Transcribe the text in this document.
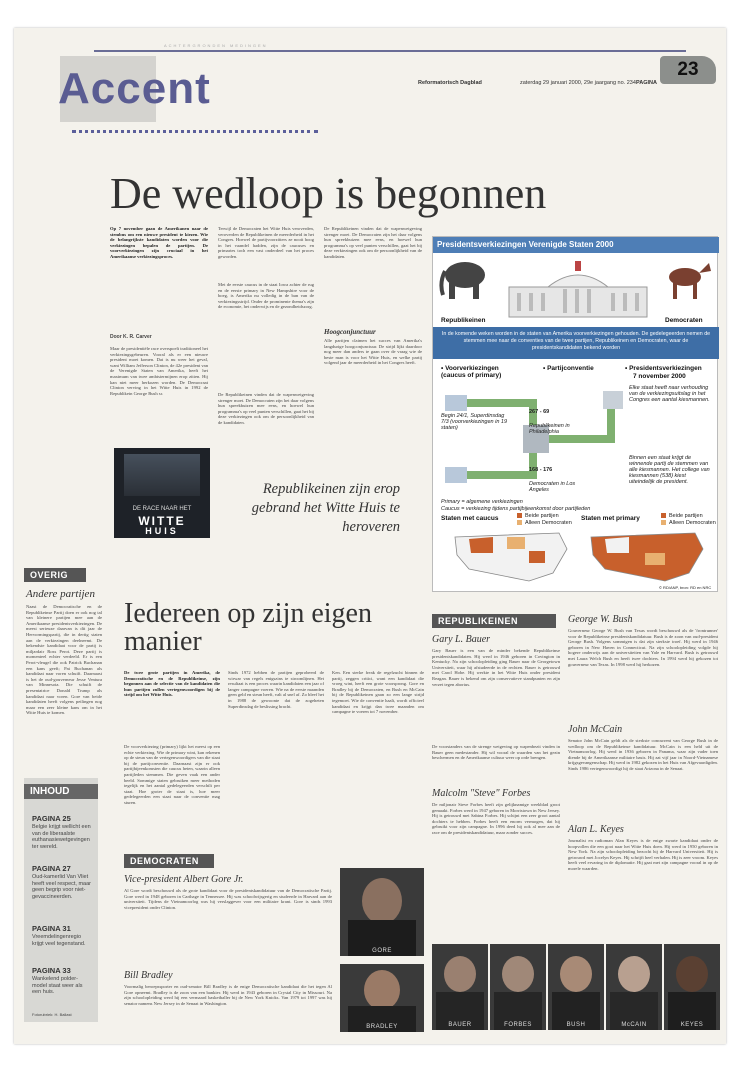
ACHTERGRONDEN MEDINGEN
Accent	Reformatorisch Dagblad	zaterdag 29 januari 2000, 29e jaargang no. 234 PAGINA
23
De wedloop is begonnen
Op 7 november gaan de Amerikanen naar de stembus om een nieuwe president te kiezen. Wie de belangrijkste kandidaten worden voor die verkiezingen bepalen de partijen. De voorverkiezingen zijn cruciaal in het Amerikaanse verkiezingsproces.
Door K. R. Carver
Maar de presidentiële race overspoelt traditioneel het verkiezingsgebeuren. Vooral als er een nieuwe president moet komen. Dat is nu weer het geval, want William Jefferson Clinton, de 42e president van de Verenigde Staten van Amerika, heeft het maximum van twee ambtstermijnen erop zitten. Hij kan niet meer herkozen worden. De Democraat Clinton verving in het Witte Huis in 1992 de Republikein George Bush sr.
Terwijl de Democraten het Witte Huis veroverden, veroverden de Republikeinen de meerderheid in het Congres. Hoewel de partijvoorzitters ze nooit hoog in het vaandel hadden, zijn de caucuses en primaries toch een vast onderdeel van het proces geworden.
Met de eerste caucus in de staat Iowa achter de rug en de eerste primary in New Hampshire voor de boeg, is Amerika nu volledig in de ban van de verkiezingsstrijd. Onder de prominente thema's zijn de economie, het onderwijs en de gezondheidszorg.
De Republikeinen vinden dat de wapenwetgeving strenger moet. De Democraten zijn het daar volgens hun spreekbuizen mee eens, en hoewel hun programma's op veel punten verschillen, gaat het bij deze verkiezingen ook om de persoonlijkheid van de kandidaten.
De Republikeinen vinden dat de wapenwetgeving strenger moet. De Democraten zijn het daar volgens hun spreekbuizen mee eens, en hoewel hun programma's op veel punten verschillen, gaat het bij deze verkiezingen ook om de persoonlijkheid van de kandidaten.
Hoogconjunctuur
Alle partijen claimen het succes van Amerika's langdurige hoogconjunctuur. De strijd lijkt daardoor nog meer dan anders te gaan over de vraag wie de beste man is voor het Witte Huis, en welke partij volgend jaar de meerderheid in het Congres heeft.
DE RACE NAAR HET
WITTE
HUIS
Republikeinen zijn erop gebrand het Witte Huis te heroveren
Presidentsverkiezingen Verenigde Staten 2000
Republikeinen	Democraten
In de komende weken worden in de staten van Amerika voorverkiezingen gehouden. De gedelegeerden nemen de stemmen mee naar de conventies van de twee partijen, Republikeinen en Democraten, waar de presidentskandidaten bekend worden
• Voorverkiezingen (caucus of primary)
• Partijconventie	• Presidentsverkiezingen
7 november 2000
Elke staat heeft naar verhouding van de verkiezingsuitslag in het Congres een aantal kiesmannen.
Begin 24/1, Superdinsdag 7/3 (voorverkiezingen in 19 staten)
267 - 69
Republikeinen in Philadelphia
168 - 176
Democraten in Los Angeles
Binnen een staat krijgt de winnende partij de stemmen van alle kiesmannen. Het college van kiesmannen (538) kiest uiteindelijk de president.
Primary = algemene verkiezingen
Caucus = verkiezing tijdens partijbijeenkomst door partijleden
Staten met caucus	Staten met primary
Beide partijen
Alleen Democraten
Beide partijen
Alleen Democraten
© RD/ANP, bron: RD en NRC
OVERIG
Andere partijen
Naast de Democratische en de Republikeinse Partij doen er ook nog tal van kleinere partijen mee aan de Amerikaanse presidentsverkiezingen. De meest serieuze daarvan is dit jaar de Hervormingspartij, die in dertig staten aan de verkiezingen deelneemt. De bekendste kandidaat voor de partij is miljardair Ross Perot. Deze partij is momenteel echter verdeeld. Er is een Perot-vleugel die ook Patrick Buchanan een kans geeft; Pat Buchanan als kandidaat naar voren schuift. Daarnaast is het de oud-gouverneur Jesse Ventura van Minnesota. Die schuift de presentatrice Donald Trump als kandidaat naar voren. Gore van beide kandidaten heeft volgens peilingen nog maar een zeer kleine kans om in het Witte Huis te komen.
INHOUD
PAGINA 25
Belgie krijgt wellicht een van de liberaalste euthanasiewetgevingen ter wereld.
PAGINA 27
Oud-kamerlid Van Vliet heeft veel respect, maar geen begrip voor niet-gevaccineerden.
PAGINA 31
Vreemdelingenregio krijgt veel tegenstand.
PAGINA 33
Wankelend polder-model staat weer als een huis.
Fotorubriek: H. Ballast
Iedereen op zijn eigen manier
De twee grote partijen in Amerika, de Democratische en de Republikeinse, zijn begonnen aan de selectie van de kandidaten die hun partijen zullen vertegenwoordigen bij de strijd om het Witte Huis.
De voorverkiezing (primary) lijkt het meest op een echte verkiezing. Wie de primary wint, kan rekenen op de steun van de vertegenwoordigers van die staat bij de partijconventie. Daarnaast zijn er ook partijbijeenkomsten die caucus heten, waarin alleen partijleden stemmen. Die geven vaak een ander beeld. Sommige staten gebruiken meer methoden tegelijk en het aantal gedelegeerden verschilt per staat. Hoe groter de staat is, hoe meer gedelegeerden een staat naar de conventie mag sturen.
Sinds 1972 hebben de partijen geprobeerd de wirwar van regels enigszins te stroomlijnen. Het resultaat is een proces waarin kandidaten een jaar of langer campagne voeren. Wie na de eerste maanden geen geld en steun heeft, valt al snel af. Zo bleef het in 1988 de gewoonte dat de zogeheten Superdinsdag de beslissing bracht.
Ken. Een sterke freak de regelzucht binnen de partij, zeggen critici, want een kandidaat die vroeg wint, heeft een grote voorsprong. Gore en Bradley bij de Democraten, en Bush en McCain bij de Republikeinen gaan zo een lange strijd tegemoet. Wie de conventie haalt, wordt officieel kandidaat en krijgt dan twee maanden om campagne te voeren tot 7 november.
DEMOCRATEN
Vice-president Albert Gore Jr.
Al Gore wordt beschouwd als de grote kandidaat voor de presidentskandidatuur van de Democratische Partij. Gore werd in 1948 geboren in Carthage in Tennessee. Hij was schoolwijsgerig en studeerde in Harvard aan de universiteit. Tijdens de Vietnamoorlog was hij verslaggever voor een militaire krant. Gore is sinds 1993 vicepresident onder Clinton.
GORE
Bill Bradley
Voormalig beroepssporter en oud-senator Bill Bradley is de enige Democratische kandidaat die het tegen Al Gore opneemt. Bradley is de zoon van een bankier. Hij werd in 1943 geboren in Crystal City in Missouri. Na zijn schoolopleiding werd hij een vermaard basketballer bij de New York Knicks. Van 1979 tot 1997 was hij senator namens New Jersey in de Senaat in Washington.
BRADLEY
REPUBLIKEINEN
Gary L. Bauer
Gary Bauer is een van de minder bekende Republikeinse presidentskandidaten. Hij werd in 1946 geboren in Covington in Kentucky. Na zijn schoolopleiding ging Bauer naar de Georgetown Universiteit, waar hij afstudeerde in de rechten. Bauer is getrouwd met Carol Hobe. Hij werkte in het Witte Huis onder president Reagan. Bauer is bekend om zijn conservatieve standpunten en zijn verzet tegen abortus.
De voorstanders van de strenge wetgeving op wapenbezit vinden in Bauer geen medestander. Hij wil vooral de waarden van het gezin beschermen en de Amerikaanse cultuur weer op orde brengen.
Malcolm "Steve" Forbes
De miljonair Steve Forbes heeft zijn gelijknamige weekblad groot gemaakt. Forbes werd in 1947 geboren in Morristown in New Jersey. Hij is getrouwd met Sabina Forbes. Hij schijnt een zeer groot aantal dochters te hebben. Forbes heeft een enorm vermogen, dat hij gebruikt voor zijn campagne. In 1996 deed hij ook al mee aan de race om de presidentskandidatuur, maar zonder succes.
George W. Bush
Gouverneur George W. Bush van Texas wordt beschouwd als de 'frontrunner' voor de Republikeinse presidentskandidatuur. Bush is de zoon van oud-president George Bush. Volgens sommigen is dat zijn sterkste troef. Hij werd in 1946 geboren in New Haven in Connecticut. Na zijn schoolopleiding volgde hij hogere onderwijs aan de universiteiten van Yale en Harvard. Bush is getrouwd met Laura Welch Bush en heeft twee dochters. In 1994 werd hij gekozen tot gouverneur van Texas. In 1998 werd hij herkozen.
John McCain
Senator John McCain geldt als de sterkste concurrent van George Bush in de wedloop om de Republikeinse kandidatuur. McCain is een held uit de Vietnamoorlog. Hij werd in 1936 geboren in Panama, waar zijn vader toen diende bij de Amerikaanse militaire basis. Hij zat vijf jaar in Noord-Vietnamese krijgsgevangenschap. Hij werd in 1982 gekozen in het Huis van Afgevaardigden. Sinds 1986 vertegenwoordigt hij de staat Arizona in de Senaat.
Alan L. Keyes
Journalist en radioman Alan Keyes is de enige zwarte kandidaat onder de hoopvollen die een gooi naar het Witte Huis doen. Hij werd in 1950 geboren in New York. Na zijn schoolopleiding bezocht hij de Harvard Universiteit. Hij is getrouwd met Jocelyn Keyes. Hij schrijft heel verhalen. Hij is zeer vroom. Keyes heeft veel ervaring in de diplomatie. Hij gaat met zijn campagne vooral in op de morele waarden.
BAUER	FORBES	BUSH	McCAIN	KEYES
